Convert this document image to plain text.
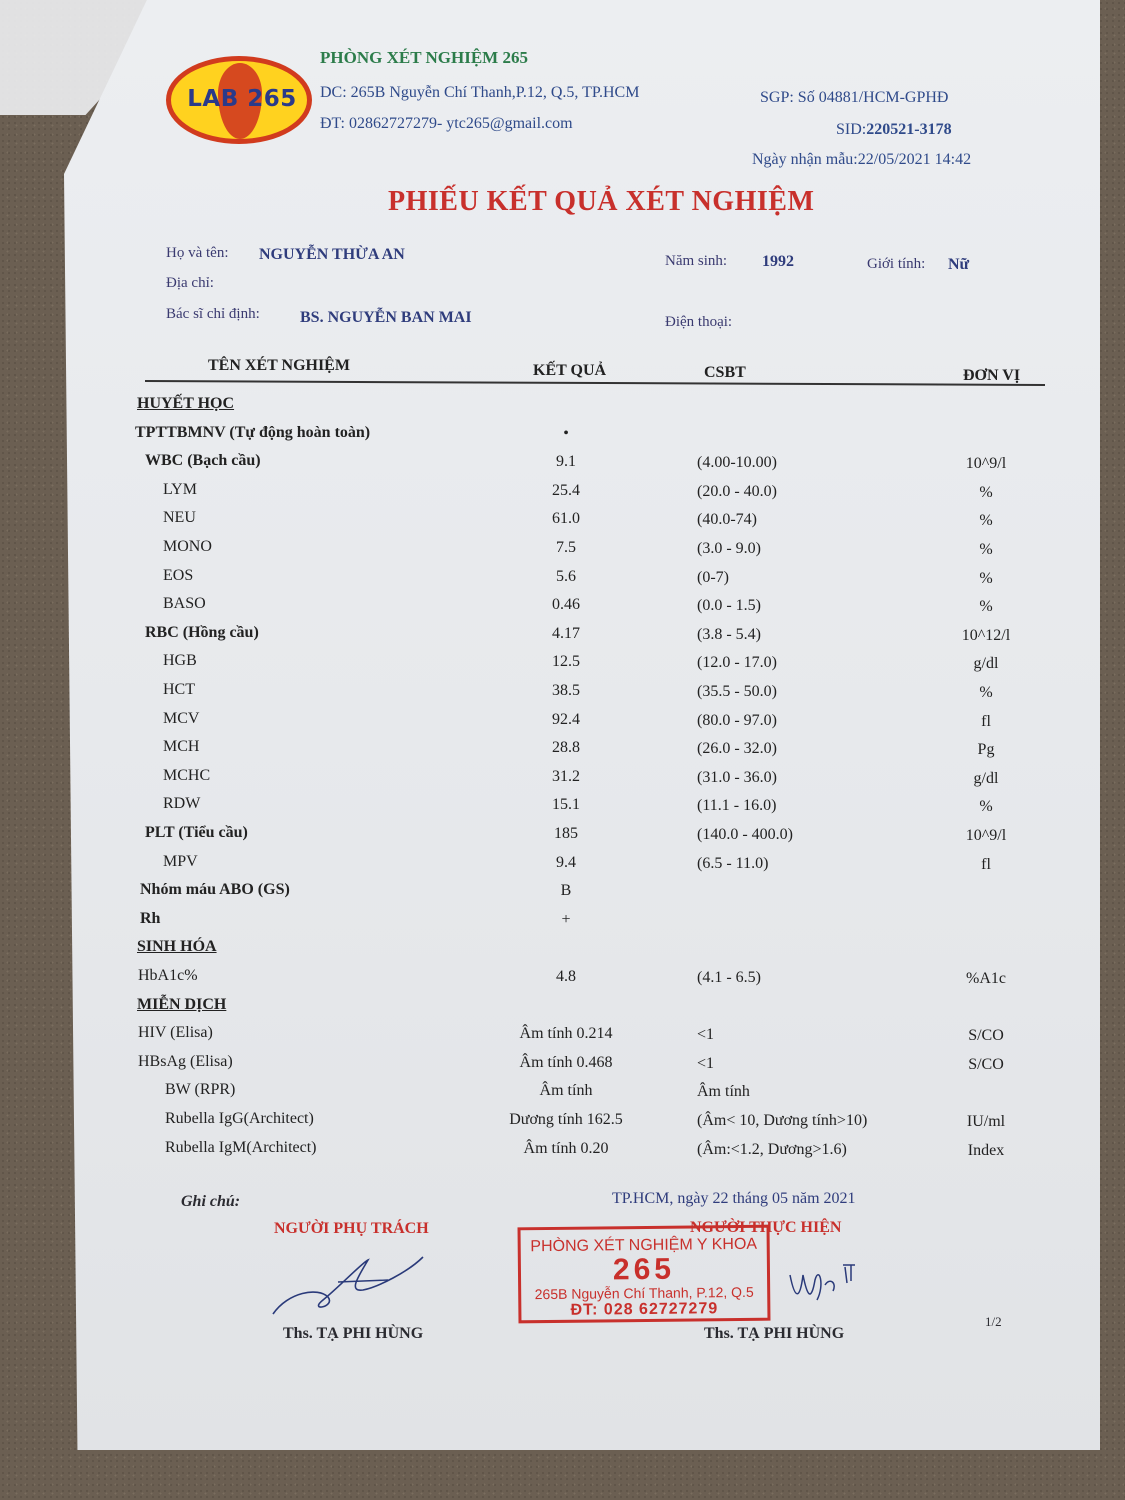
LAB 265
PHÒNG XÉT NGHIỆM 265
DC: 265B Nguyễn Chí Thanh,P.12, Q.5, TP.HCM
ĐT: 02862727279- ytc265@gmail.com
SGP: Số 04881/HCM-GPHĐ
SID:220521-3178
Ngày nhận mẫu:22/05/2021 14:42
PHIẾU KẾT QUẢ XÉT NGHIỆM
Họ và tên: NGUYỄN THỪA AN	Năm sinh: 1992	Giới tính: Nữ
Địa chỉ:
Bác sĩ chỉ định:	BS. NGUYỄN BAN MAI	Điện thoại:
TÊN XÉT NGHIỆM	KẾT QUẢ	CSBT	ĐƠN VỊ
HUYẾT HỌC
TPTTBMNV (Tự động hoàn toàn)	•
WBC (Bạch cầu)	9.1	(4.00-10.00)	10^9/l
LYM	25.4	(20.0 - 40.0)	%
NEU	61.0	(40.0-74)	%
MONO	7.5	(3.0 - 9.0)	%
EOS	5.6	(0-7)	%
BASO	0.46	(0.0 - 1.5)	%
RBC (Hồng cầu)	4.17	(3.8 - 5.4)	10^12/l
HGB	12.5	(12.0 - 17.0)	g/dl
HCT	38.5	(35.5 - 50.0)	%
MCV	92.4	(80.0 - 97.0)	fl
MCH	28.8	(26.0 - 32.0)	Pg
MCHC	31.2	(31.0 - 36.0)	g/dl
RDW	15.1	(11.1 - 16.0)	%
PLT (Tiểu cầu)	185	(140.0 - 400.0)	10^9/l
MPV	9.4	(6.5 - 11.0)	fl
Nhóm máu ABO (GS)	B
Rh	+
SINH HÓA
HbA1c%	4.8	(4.1 - 6.5)	%A1c
MIỄN DỊCH
HIV (Elisa)	Âm tính 0.214	<1	S/CO
HBsAg (Elisa)	Âm tính 0.468	<1	S/CO
BW (RPR)	Âm tính	Âm tính
Rubella IgG(Architect)	Dương tính 162.5	(Âm< 10, Dương tính>10)	IU/ml
Rubella IgM(Architect)	Âm tính 0.20	(Âm:<1.2, Dương>1.6)	Index
Ghi chú:	TP.HCM, ngày 22 tháng 05 năm 2021
NGƯỜI PHỤ TRÁCH	NGƯỜI THỰC HIỆN
PHÒNG XÉT NGHIỆM Y KHOA
265
265B Nguyễn Chí Thanh, P.12, Q.5
ĐT: 028 62727279
Ths. TẠ PHI HÙNG	Ths. TẠ PHI HÙNG
1/2
